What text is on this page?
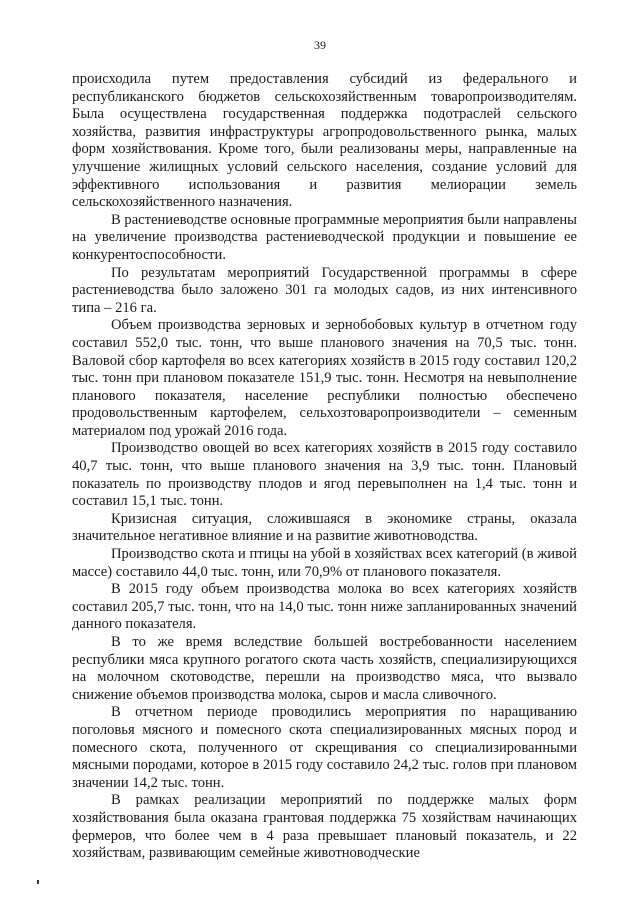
39

происходила путем предоставления субсидий из федерального и республиканского бюджетов сельскохозяйственным товаропроизводителям. Была осуществлена государственная поддержка подотраслей сельского хозяйства, развития инфраструктуры агропродовольственного рынка, малых форм хозяйствования. Кроме того, были реализованы меры, направленные на улучшение жилищных условий сельского населения, создание условий для эффективного использования и развития мелиорации земель сельскохозяйственного назначения.

В растениеводстве основные программные мероприятия были направлены на увеличение производства растениеводческой продукции и повышение ее конкурентоспособности.

По результатам мероприятий Государственной программы в сфере растениеводства было заложено 301 га молодых садов, из них интенсивного типа – 216 га.

Объем производства зерновых и зернобобовых культур в отчетном году составил 552,0 тыс. тонн, что выше планового значения на 70,5 тыс. тонн. Валовой сбор картофеля во всех категориях хозяйств в 2015 году составил 120,2 тыс. тонн при плановом показателе 151,9 тыс. тонн. Несмотря на невыполнение планового показателя, население республики полностью обеспечено продовольственным картофелем, сельхозтоваропроизводители – семенным материалом под урожай 2016 года.

Производство овощей во всех категориях хозяйств в 2015 году составило 40,7 тыс. тонн, что выше планового значения на 3,9 тыс. тонн. Плановый показатель по производству плодов и ягод перевыполнен на 1,4 тыс. тонн и составил 15,1 тыс. тонн.

Кризисная ситуация, сложившаяся в экономике страны, оказала значительное негативное влияние и на развитие животноводства.

Производство скота и птицы на убой в хозяйствах всех категорий (в живой массе) составило 44,0 тыс. тонн, или 70,9% от планового показателя.

В 2015 году объем производства молока во всех категориях хозяйств составил 205,7 тыс. тонн, что на 14,0 тыс. тонн ниже запланированных значений данного показателя.

В то же время вследствие большей востребованности населением республики мяса крупного рогатого скота часть хозяйств, специализирующихся на молочном скотоводстве, перешли на производство мяса, что вызвало снижение объемов производства молока, сыров и масла сливочного.

В отчетном периоде проводились мероприятия по наращиванию поголовья мясного и помесного скота специализированных мясных пород и помесного скота, полученного от скрещивания со специализированными мясными породами, которое в 2015 году составило 24,2 тыс. голов при плановом значении 14,2 тыс. тонн.

В рамках реализации мероприятий по поддержке малых форм хозяйствования была оказана грантовая поддержка 75 хозяйствам начинающих фермеров, что более чем в 4 раза превышает плановый показатель, и 22 хозяйствам, развивающим семейные животноводческие
